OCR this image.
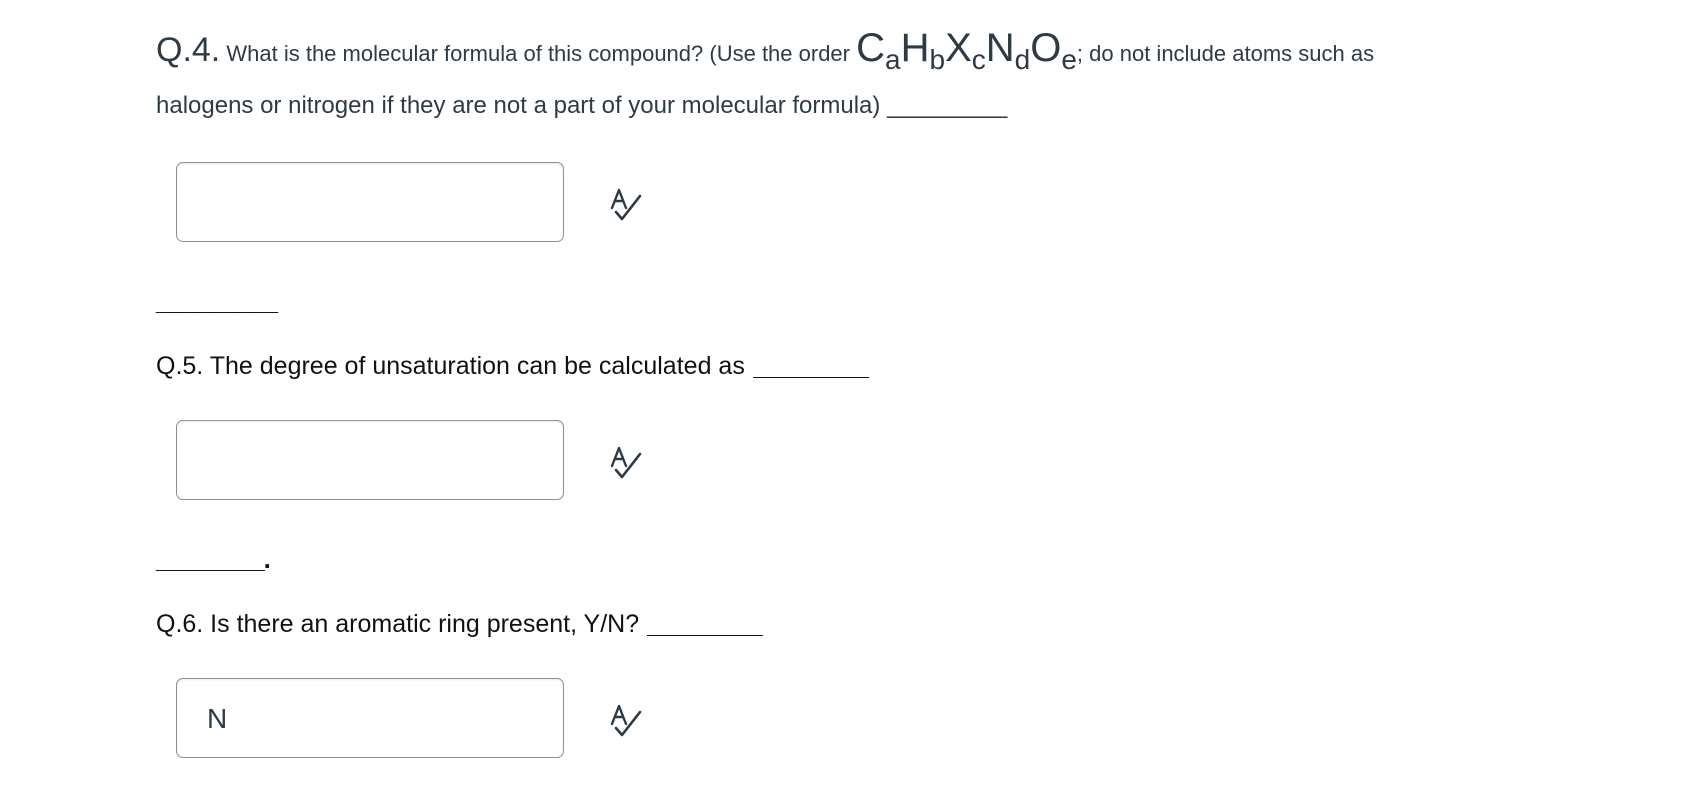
Q.4. What is the molecular formula of this compound? (Use the order $C_aH_bX_cN_dO_e$; do not include atoms such as
halogens or nitrogen if they are not a part of your molecular formula) _________
_________
Q.5. The degree of unsaturation can be calculated as
________.
Q.6. Is there an aromatic ring present, Y/N?
N
